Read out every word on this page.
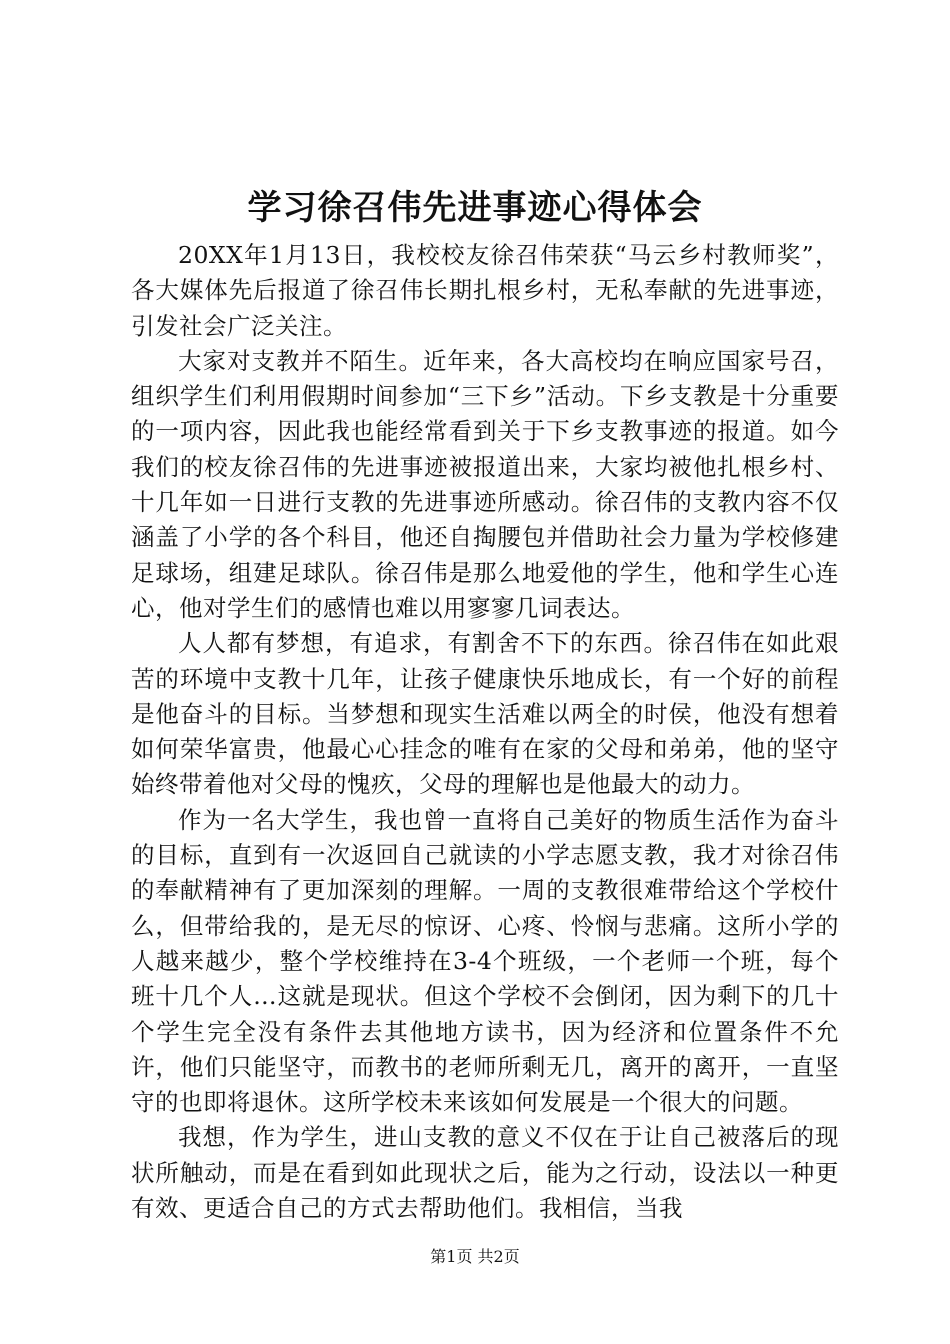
学习徐召伟先进事迹心得体会

20XX年1月13日，我校校友徐召伟荣获“马云乡村教师奖”，各大媒体先后报道了徐召伟长期扎根乡村，无私奉献的先进事迹，引发社会广泛关注。

大家对支教并不陌生。近年来，各大高校均在响应国家号召，组织学生们利用假期时间参加“三下乡”活动。下乡支教是十分重要的一项内容，因此我也能经常看到关于下乡支教事迹的报道。如今我们的校友徐召伟的先进事迹被报道出来，大家均被他扎根乡村、十几年如一日进行支教的先进事迹所感动。徐召伟的支教内容不仅涵盖了小学的各个科目，他还自掏腰包并借助社会力量为学校修建足球场，组建足球队。徐召伟是那么地爱他的学生，他和学生心连心，他对学生们的感情也难以用寥寥几词表达。

人人都有梦想，有追求，有割舍不下的东西。徐召伟在如此艰苦的环境中支教十几年，让孩子健康快乐地成长，有一个好的前程是他奋斗的目标。当梦想和现实生活难以两全的时侯，他没有想着如何荣华富贵，他最心心挂念的唯有在家的父母和弟弟，他的坚守始终带着他对父母的愧疚，父母的理解也是他最大的动力。

作为一名大学生，我也曾一直将自己美好的物质生活作为奋斗的目标，直到有一次返回自己就读的小学志愿支教，我才对徐召伟的奉献精神有了更加深刻的理解。一周的支教很难带给这个学校什么，但带给我的，是无尽的惊讶、心疼、怜悯与悲痛。这所小学的人越来越少，整个学校维持在3-4个班级，一个老师一个班，每个班十几个人…这就是现状。但这个学校不会倒闭，因为剩下的几十个学生完全没有条件去其他地方读书，因为经济和位置条件不允许，他们只能坚守，而教书的老师所剩无几，离开的离开，一直坚守的也即将退休。这所学校未来该如何发展是一个很大的问题。

我想，作为学生，进山支教的意义不仅在于让自己被落后的现状所触动，而是在看到如此现状之后，能为之行动，设法以一种更有效、更适合自己的方式去帮助他们。我相信，当我

第1页 共2页
